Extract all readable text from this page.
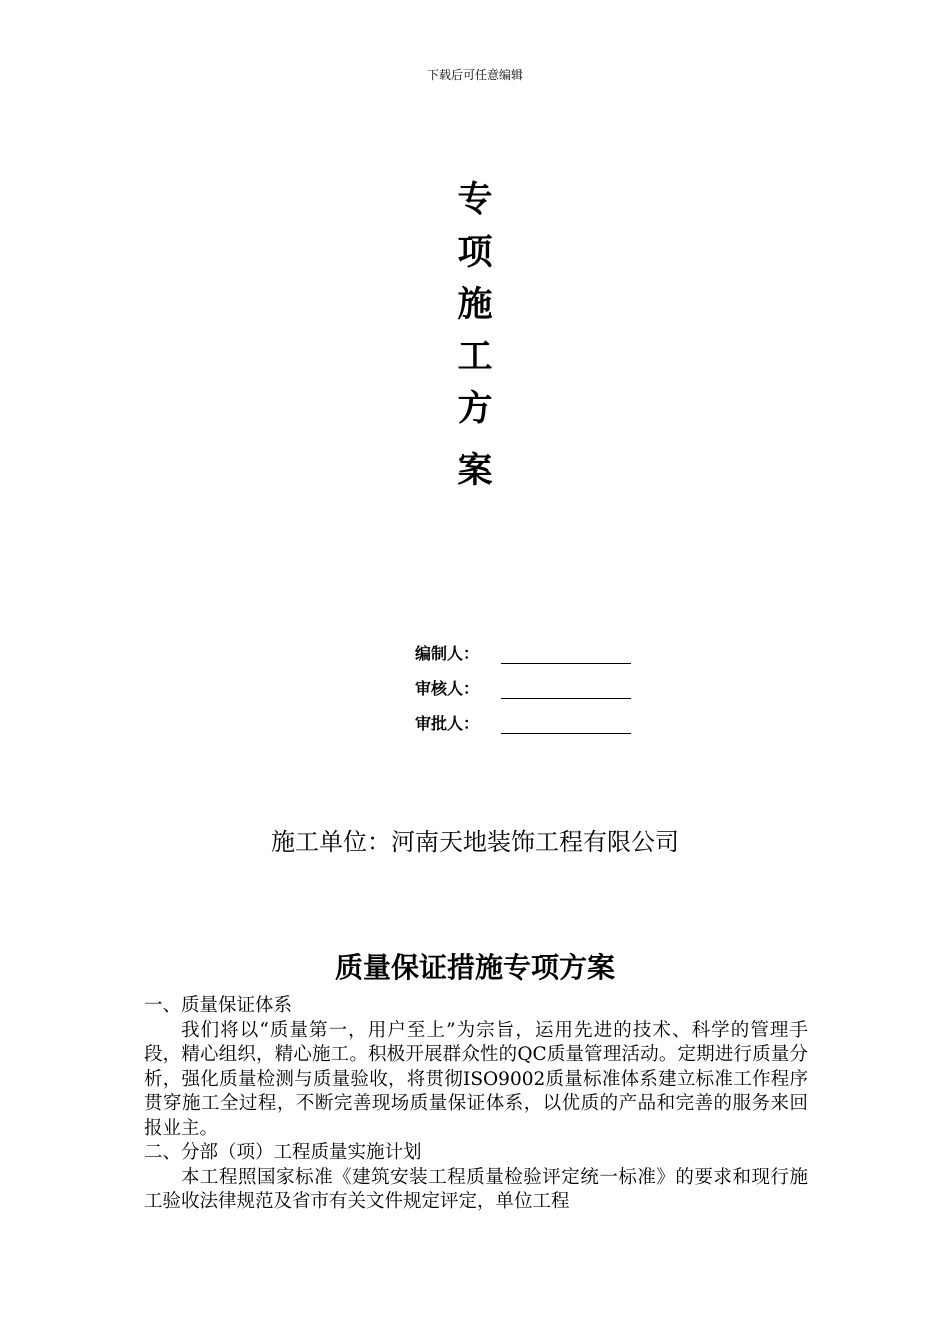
下载后可任意编辑
专
项
施
工
方
案
编制人：
审核人：
审批人：
施工单位：河南天地装饰工程有限公司
质量保证措施专项方案

一、质量保证体系

我们将以“质量第一，用户至上”为宗旨，运用先进的技术、科学的管理手段，精心组织，精心施工。积极开展群众性的QC质量管理活动。定期进行质量分析，强化质量检测与质量验收，将贯彻ISO9002质量标准体系建立标准工作程序贯穿施工全过程，不断完善现场质量保证体系，以优质的产品和完善的服务来回报业主。

二、分部（项）工程质量实施计划

本工程照国家标准《建筑安装工程质量检验评定统一标准》的要求和现行施工验收法律规范及省市有关文件规定评定，单位工程
